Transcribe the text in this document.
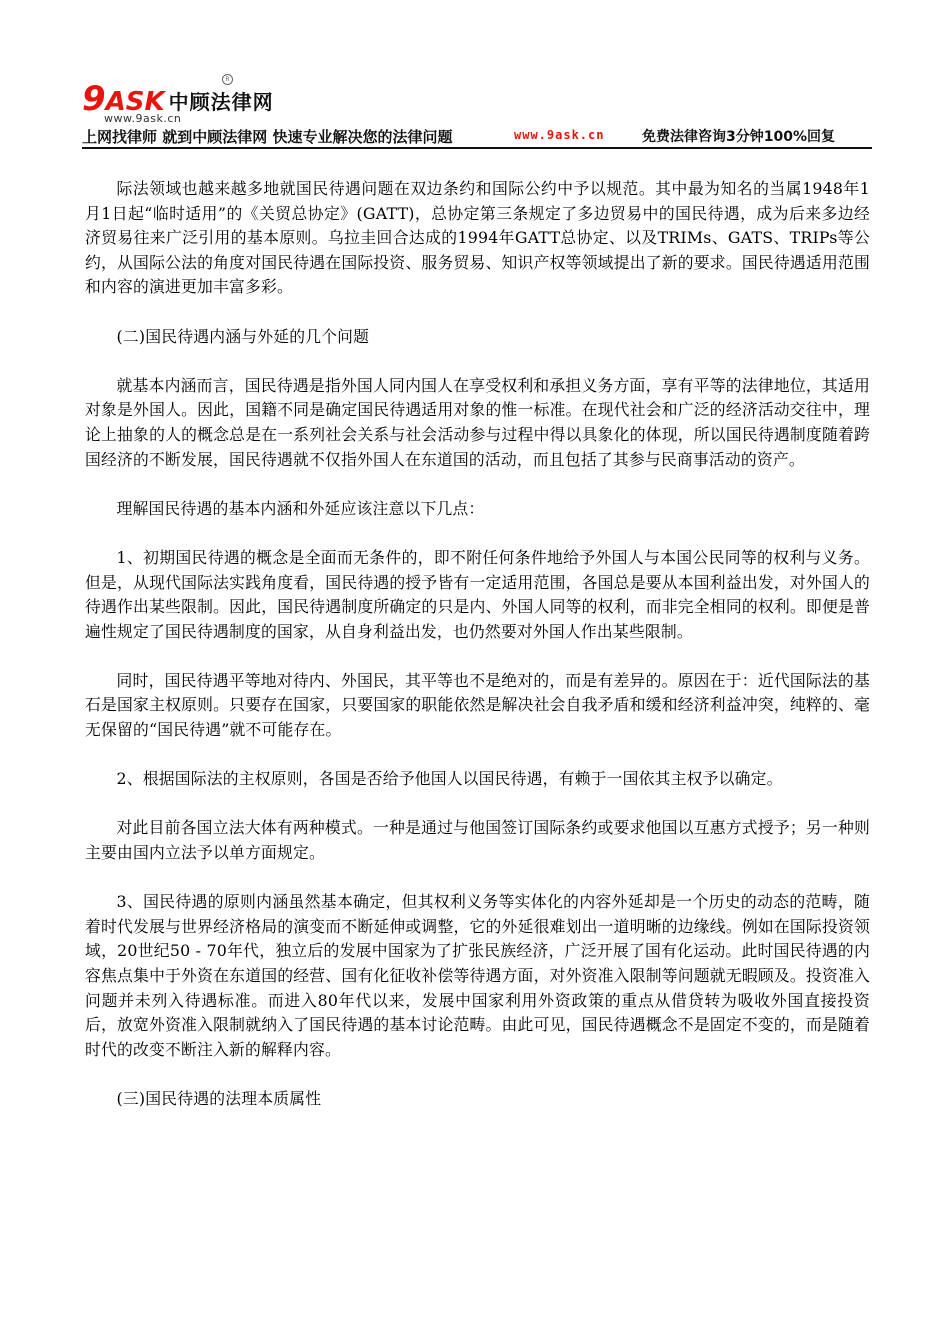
9 ASK 中顾法律网
R
www.9ask.cn
上网找律师 就到中顾法律网 快速专业解决您的法律问题	www.9ask.cn	免费法律咨询3分钟100%回复

际法领域也越来越多地就国民待遇问题在双边条约和国际公约中予以规范。其中最为知名的当属1948年1月1日起“临时适用”的《关贸总协定》(GATT)，总协定第三条规定了多边贸易中的国民待遇，成为后来多边经济贸易往来广泛引用的基本原则。乌拉圭回合达成的1994年GATT总协定、以及TRIMs、GATS、TRIPs等公约，从国际公法的角度对国民待遇在国际投资、服务贸易、知识产权等领域提出了新的要求。国民待遇适用范围和内容的演进更加丰富多彩。

(二)国民待遇内涵与外延的几个问题

就基本内涵而言，国民待遇是指外国人同内国人在享受权利和承担义务方面，享有平等的法律地位，其适用对象是外国人。因此，国籍不同是确定国民待遇适用对象的惟一标准。在现代社会和广泛的经济活动交往中，理论上抽象的人的概念总是在一系列社会关系与社会活动参与过程中得以具象化的体现，所以国民待遇制度随着跨国经济的不断发展，国民待遇就不仅指外国人在东道国的活动，而且包括了其参与民商事活动的资产。

理解国民待遇的基本内涵和外延应该注意以下几点：

1、初期国民待遇的概念是全面而无条件的，即不附任何条件地给予外国人与本国公民同等的权利与义务。但是，从现代国际法实践角度看，国民待遇的授予皆有一定适用范围，各国总是要从本国利益出发，对外国人的待遇作出某些限制。因此，国民待遇制度所确定的只是内、外国人同等的权利，而非完全相同的权利。即便是普遍性规定了国民待遇制度的国家，从自身利益出发，也仍然要对外国人作出某些限制。

同时，国民待遇平等地对待内、外国民，其平等也不是绝对的，而是有差异的。原因在于：近代国际法的基石是国家主权原则。只要存在国家，只要国家的职能依然是解决社会自我矛盾和缓和经济利益冲突，纯粹的、毫无保留的“国民待遇”就不可能存在。

2、根据国际法的主权原则，各国是否给予他国人以国民待遇，有赖于一国依其主权予以确定。

对此目前各国立法大体有两种模式。一种是通过与他国签订国际条约或要求他国以互惠方式授予；另一种则主要由国内立法予以单方面规定。

3、国民待遇的原则内涵虽然基本确定，但其权利义务等实体化的内容外延却是一个历史的动态的范畴，随着时代发展与世界经济格局的演变而不断延伸或调整，它的外延很难划出一道明晰的边缘线。例如在国际投资领域，20世纪50 - 70年代，独立后的发展中国家为了扩张民族经济，广泛开展了国有化运动。此时国民待遇的内容焦点集中于外资在东道国的经营、国有化征收补偿等待遇方面，对外资准入限制等问题就无暇顾及。投资准入问题并未列入待遇标准。而进入80年代以来，发展中国家利用外资政策的重点从借贷转为吸收外国直接投资后，放宽外资准入限制就纳入了国民待遇的基本讨论范畴。由此可见，国民待遇概念不是固定不变的，而是随着时代的改变不断注入新的解释内容。

(三)国民待遇的法理本质属性
